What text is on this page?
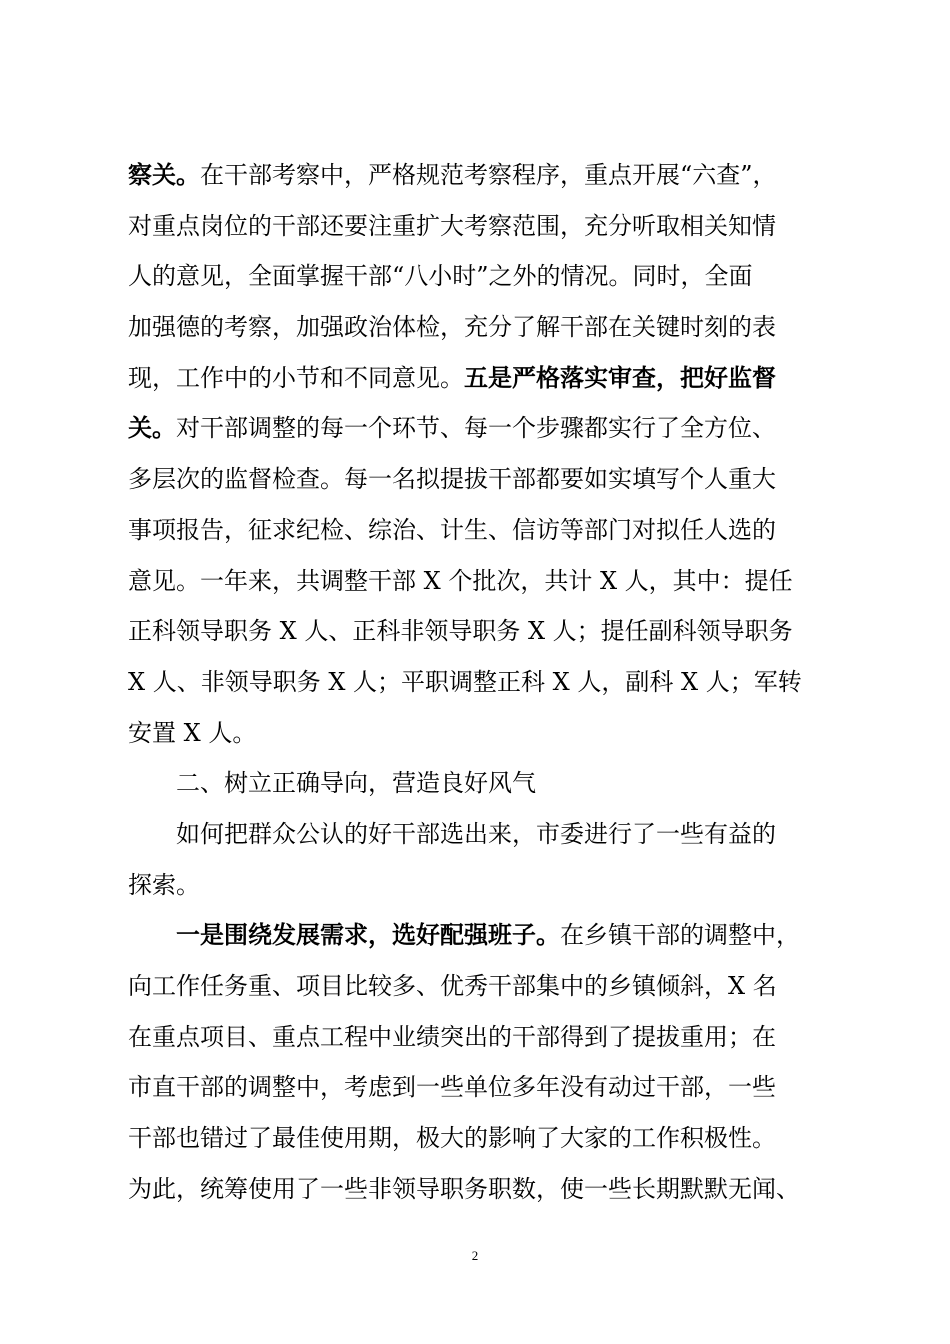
察关。在干部考察中，严格规范考察程序，重点开展“六查”，
对重点岗位的干部还要注重扩大考察范围，充分听取相关知情
人的意见，全面掌握干部“八小时”之外的情况。同时，全面
加强德的考察，加强政治体检，充分了解干部在关键时刻的表
现，工作中的小节和不同意见。五是严格落实审查，把好监督
关。对干部调整的每一个环节、每一个步骤都实行了全方位、
多层次的监督检查。每一名拟提拔干部都要如实填写个人重大
事项报告，征求纪检、综治、计生、信访等部门对拟任人选的
意见。一年来，共调整干部 X 个批次，共计 X 人，其中：提任
正科领导职务 X 人、正科非领导职务 X 人；提任副科领导职务
X 人、非领导职务 X 人；平职调整正科 X 人，副科 X 人；军转
安置 X 人。
二、树立正确导向，营造良好风气
如何把群众公认的好干部选出来，市委进行了一些有益的
探索。
一是围绕发展需求，选好配强班子。在乡镇干部的调整中，
向工作任务重、项目比较多、优秀干部集中的乡镇倾斜，X 名
在重点项目、重点工程中业绩突出的干部得到了提拔重用；在
市直干部的调整中，考虑到一些单位多年没有动过干部，一些
干部也错过了最佳使用期，极大的影响了大家的工作积极性。
为此，统筹使用了一些非领导职务职数，使一些长期默默无闻、
2
